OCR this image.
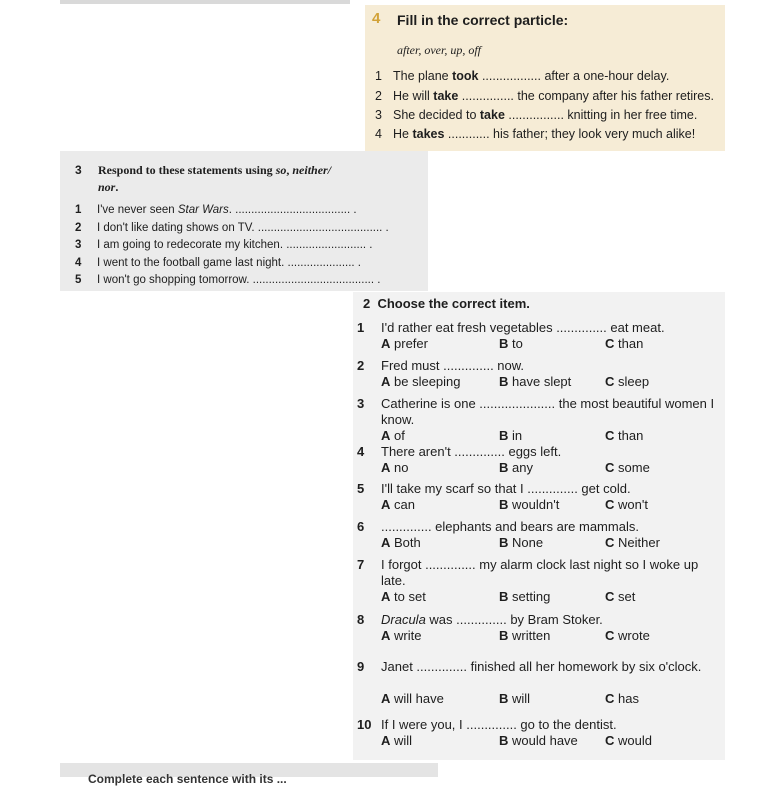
4 Fill in the correct particle:
after, over, up, off
1 The plane took ................. after a one-hour delay.
2 He will take ............... the company after his father retires.
3 She decided to take ................ knitting in her free time.
4 He takes ............ his father; they look very much alike!
3 Respond to these statements using so, neither/
nor.
1 I've never seen Star Wars. .................................... .
2 I don't like dating shows on TV. ....................................... .
3 I am going to redecorate my kitchen. ......................... .
4 I went to the football game last night. ..................... .
5 I won't go shopping tomorrow. ...................................... .
2 Choose the correct item.
1	I'd rather eat fresh vegetables .............. eat meat.
A prefer	B to	C than
2	Fred must .............. now.
A be sleeping	B have slept	C sleep
3	Catherine is one ..................... the most beautiful women I know.
A of	B in	C than
4	There aren't .............. eggs left.
A no	B any	C some
5	I'll take my scarf so that I .............. get cold.
A can	B wouldn't	C won't
6	.............. elephants and bears are mammals.
A Both	B None	C Neither
7	I forgot .............. my alarm clock last night so I woke up late.
A to set	B setting	C set
8	Dracula was .............. by Bram Stoker.
A write	B written	C wrote
9	Janet .............. finished all her homework by six o'clock.
A will have	B will	C has
10 If I were you, I .............. go to the dentist.
A will	B would have C would
Complete each sentence with its ...
